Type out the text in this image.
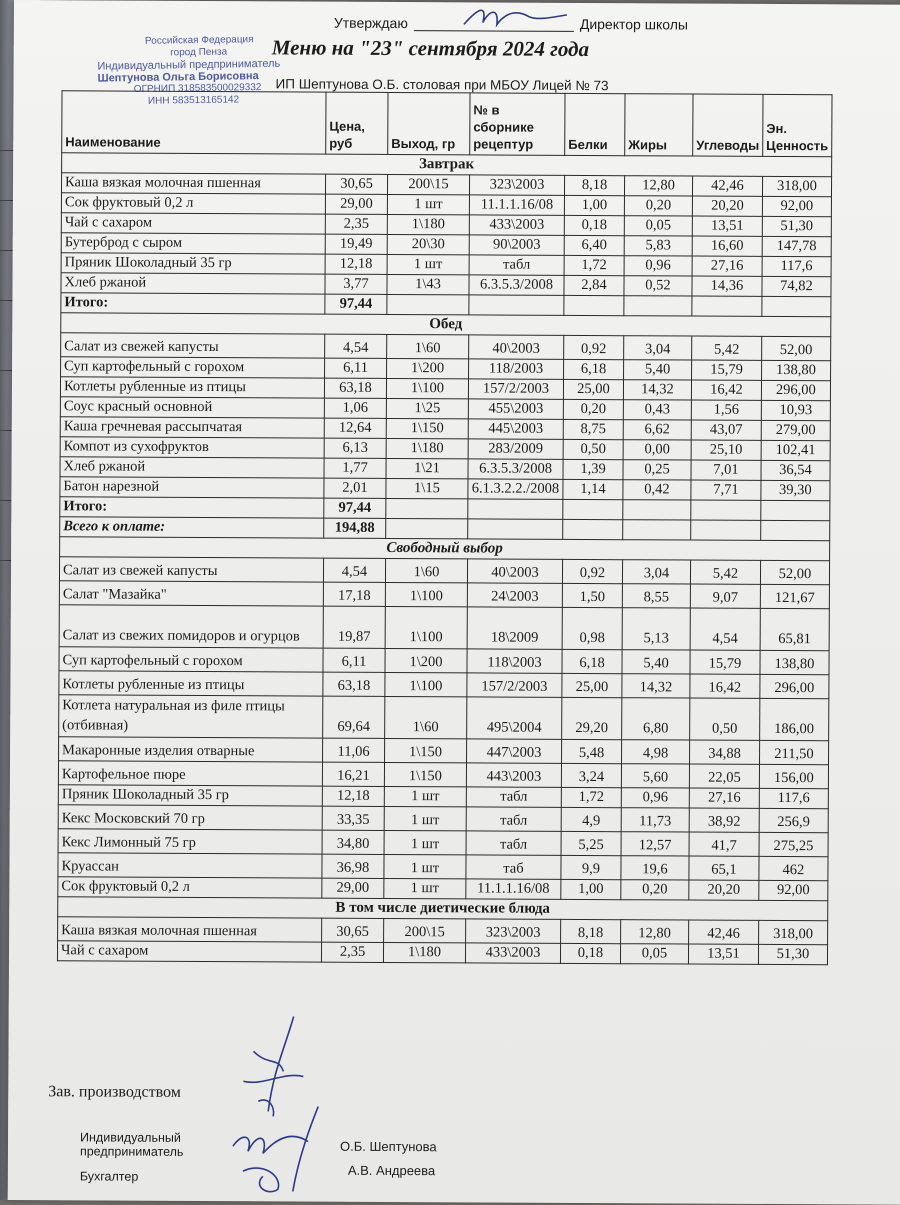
Утверждаю	Директор школы
Российская Федерация
город Пенза
Индивидуальный предприниматель
Шептунова Ольга Борисовна
ОГРНИП 318583500029332
ИНН 583513165142
Меню на "23" сентября 2024 года
ИП Шептунова О.Б. столовая при МБОУ Лицей № 73
Наименование	Цена, руб	Выход, гр	№ в сборнике рецептур	Белки	Жиры	Углеводы	Эн. Ценность
Завтрак							
Каша вязкая молочная пшенная	30,65	200\15	323\2003	8,18	12,80	42,46	318,00
Сок фруктовый 0,2 л	29,00	1 шт	11.1.1.16/08	1,00	0,20	20,20	92,00
Чай с сахаром	2,35	1\180	433\2003	0,18	0,05	13,51	51,30
Бутерброд с сыром	19,49	20\30	90\2003	6,40	5,83	16,60	147,78
Пряник Шоколадный 35 гр	12,18	1 шт	табл	1,72	0,96	27,16	117,6
Хлеб ржаной	3,77	1\43	6.3.5.3/2008	2,84	0,52	14,36	74,82
Итого:	97,44						
Обед							
Салат из свежей капусты	4,54	1\60	40\2003	0,92	3,04	5,42	52,00
Суп картофельный с горохом	6,11	1\200	118/2003	6,18	5,40	15,79	138,80
Котлеты рубленные из птицы	63,18	1\100	157/2/2003	25,00	14,32	16,42	296,00
Соус красный основной	1,06	1\25	455\2003	0,20	0,43	1,56	10,93
Каша гречневая рассыпчатая	12,64	1\150	445\2003	8,75	6,62	43,07	279,00
Компот из сухофруктов	6,13	1\180	283/2009	0,50	0,00	25,10	102,41
Хлеб ржаной	1,77	1\21	6.3.5.3/2008	1,39	0,25	7,01	36,54
Батон нарезной	2,01	1\15	6.1.3.2.2./2008	1,14	0,42	7,71	39,30
Итого:	97,44						
Всего к оплате:	194,88						
Свободный выбор							
Салат из свежей капусты	4,54	1\60	40\2003	0,92	3,04	5,42	52,00
Салат "Мазайка"	17,18	1\100	24\2003	1,50	8,55	9,07	121,67
Салат из свежих помидоров и огурцов	19,87	1\100	18\2009	0,98	5,13	4,54	65,81
Суп картофельный с горохом	6,11	1\200	118\2003	6,18	5,40	15,79	138,80
Котлеты рубленные из птицы	63,18	1\100	157/2/2003	25,00	14,32	16,42	296,00
Котлета натуральная из филе птицы (отбивная)	69,64	1\60	495\2004	29,20	6,80	0,50	186,00
Макаронные изделия отварные	11,06	1\150	447\2003	5,48	4,98	34,88	211,50
Картофельное пюре	16,21	1\150	443\2003	3,24	5,60	22,05	156,00
Пряник Шоколадный 35 гр	12,18	1 шт	табл	1,72	0,96	27,16	117,6
Кекс Московский 70 гр	33,35	1 шт	табл	4,9	11,73	38,92	256,9
Кекс Лимонный 75 гр	34,80	1 шт	табл	5,25	12,57	41,7	275,25
Круассан	36,98	1 шт	таб	9,9	19,6	65,1	462
Сок фруктовый 0,2 л	29,00	1 шт	11.1.1.16/08	1,00	0,20	20,20	92,00
В том числе диетические блюда							
Каша вязкая молочная пшенная	30,65	200\15	323\2003	8,18	12,80	42,46	318,00
Чай с сахаром	2,35	1\180	433\2003	0,18	0,05	13,51	51,30
Зав. производством
Индивидуальный
предприниматель
Бухгалтер
О.Б. Шептунова
А.В. Андреева
